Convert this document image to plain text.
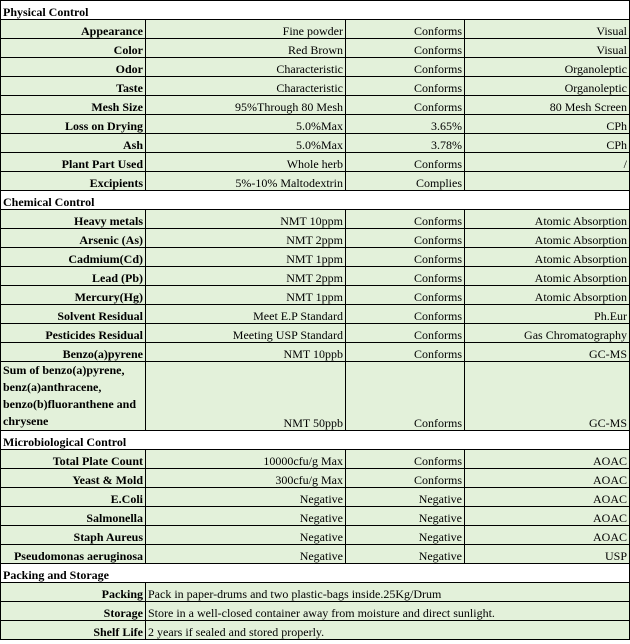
Physical Control			
Appearance	Fine powder	Conforms	Visual
Color	Red Brown	Conforms	Visual
Odor	Characteristic	Conforms	Organoleptic
Taste	Characteristic	Conforms	Organoleptic
Mesh Size	95%Through 80 Mesh	Conforms	80 Mesh Screen
Loss on Drying	5.0%Max	3.65%	CPh
Ash	5.0%Max	3.78%	CPh
Plant Part Used	Whole herb	Conforms	/
Excipients	5%-10% Maltodextrin	Complies	
Chemical Control			
Heavy metals	NMT 10ppm	Conforms	Atomic Absorption
Arsenic (As)	NMT 2ppm	Conforms	Atomic Absorption
Cadmium(Cd)	NMT 1ppm	Conforms	Atomic Absorption
Lead (Pb)	NMT 2ppm	Conforms	Atomic Absorption
Mercury(Hg)	NMT 1ppm	Conforms	Atomic Absorption
Solvent Residual	Meet E.P Standard	Conforms	Ph.Eur
Pesticides Residual	Meeting USP Standard	Conforms	Gas Chromatography
Benzo(a)pyrene	NMT 10ppb	Conforms	GC-MS
Sum of benzo(a)pyrene, benz(a)anthracene, benzo(b)fluoranthene and chrysene	NMT 50ppb	Conforms	GC-MS
Microbiological Control			
Total Plate Count	10000cfu/g Max	Conforms	AOAC
Yeast & Mold	300cfu/g Max	Conforms	AOAC
E.Coli	Negative	Negative	AOAC
Salmonella	Negative	Negative	AOAC
Staph Aureus	Negative	Negative	AOAC
Pseudomonas aeruginosa	Negative	Negative	USP
Packing and Storage			
Packing	Pack in paper-drums and two plastic-bags inside.25Kg/Drum		
Storage	Store in a well-closed container away from moisture and direct sunlight.		
Shelf Life	2 years if sealed and stored properly.		
